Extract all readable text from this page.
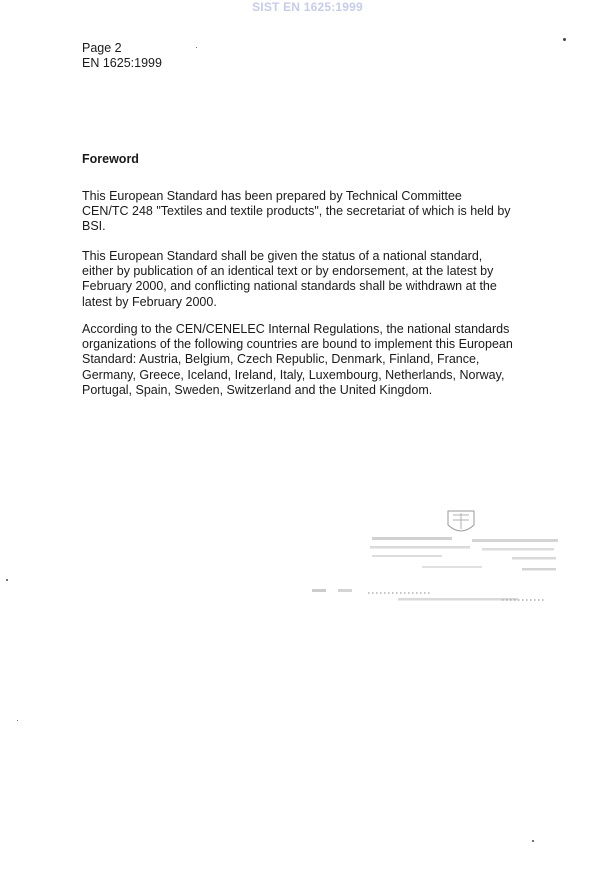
SIST EN 1625:1999
Page 2
EN 1625:1999
Foreword

This European Standard has been prepared by Technical Committee
CEN/TC 248 "Textiles and textile products", the secretariat of which is held by
BSI.

This European Standard shall be given the status of a national standard,
either by publication of an identical text or by endorsement, at the latest by
February 2000, and conflicting national standards shall be withdrawn at the
latest by February 2000.

According to the CEN/CENELEC Internal Regulations, the national standards
organizations of the following countries are bound to implement this European
Standard: Austria, Belgium, Czech Republic, Denmark, Finland, France,
Germany, Greece, Iceland, Ireland, Italy, Luxembourg, Netherlands, Norway,
Portugal, Spain, Sweden, Switzerland and the United Kingdom.
